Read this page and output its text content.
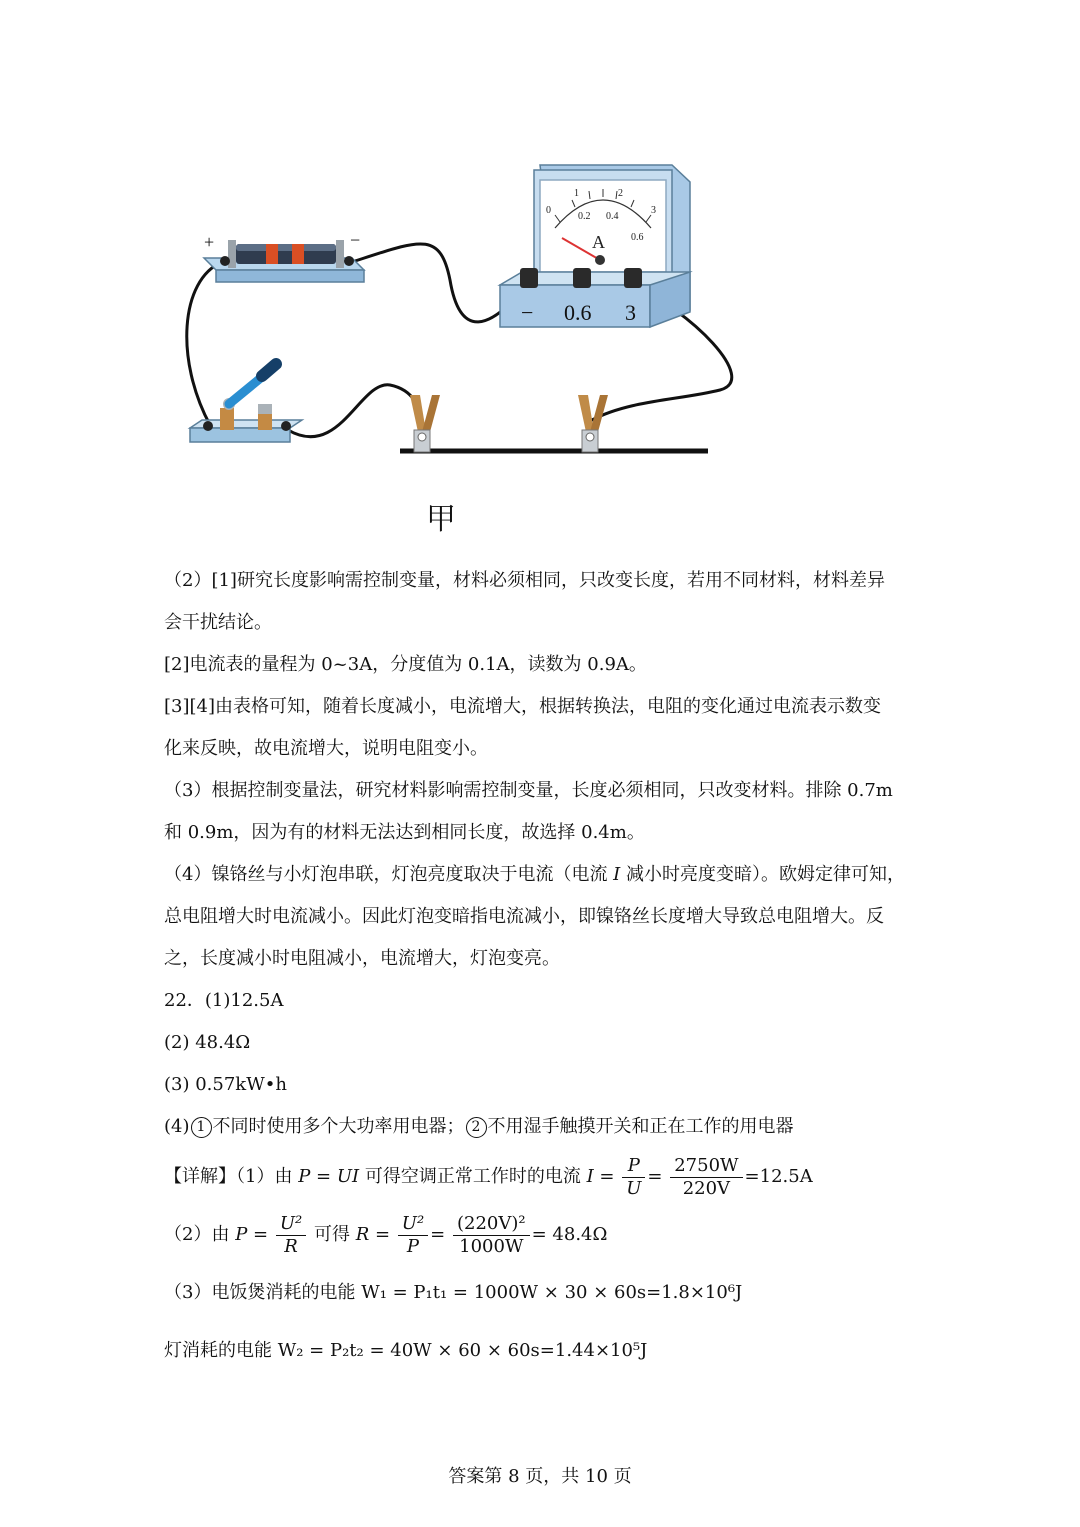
+	−
0
1	2
3
0.2 0.4
0.6
A
− 0.6 3
甲

（2）[1]研究长度影响需控制变量，材料必须相同，只改变长度，若用不同材料，材料差异

会干扰结论。

[2]电流表的量程为 0~3A，分度值为 0.1A，读数为 0.9A。

[3][4]由表格可知，随着长度减小，电流增大，根据转换法，电阻的变化通过电流表示数变

化来反映，故电流增大，说明电阻变小。

（3）根据控制变量法，研究材料影响需控制变量，长度必须相同，只改变材料。排除 0.7m

和 0.9m，因为有的材料无法达到相同长度，故选择 0.4m。

（4）镍铬丝与小灯泡串联，灯泡亮度取决于电流（电流 I 减小时亮度变暗）。欧姆定律可知，

总电阻增大时电流减小。因此灯泡变暗指电流减小，即镍铬丝长度增大导致总电阻增大。反

之，长度减小时电阻减小，电流增大，灯泡变亮。

22．(1)12.5A

(2) 48.4Ω

(3) 0.57kW•h

(4) 1 不同时使用多个大功率用电器； 2 不用湿手触摸开关和正在工作的用电器

【详解】（1）由 P = UI 可得空调正常工作时的电流 $I = \frac{P}{U} = \frac{2750W}{220V} =12.5A$

（2）由 $P = \frac{\text{U²}}{R}$ 可得 $R = \frac{\text{U²}}{P} = \frac{\text{(220V)²}}{1000W} = 48.4\Omega$

（3）电饭煲消耗的电能 W₁ = P₁t₁ = 1000W × 30 × 60s=1.8×10⁶J

灯消耗的电能 W₂ = P₂t₂ = 40W × 60 × 60s=1.44×10⁵J

答案第 8 页，共 10 页
